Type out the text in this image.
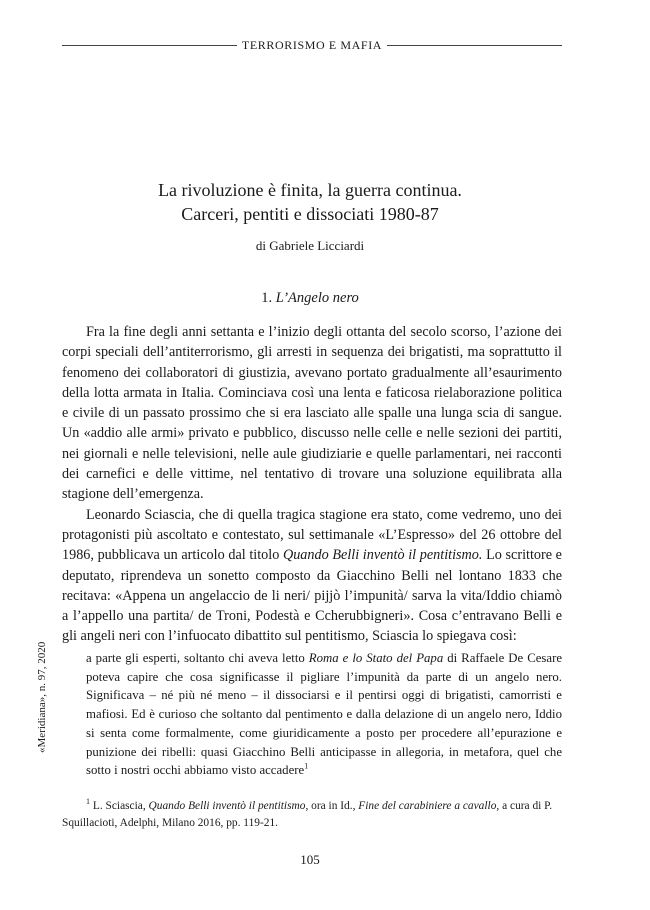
TERRORISMO E MAFIA
La rivoluzione è finita, la guerra continua.
Carceri, pentiti e dissociati 1980-87
di Gabriele Licciardi
1. L’Angelo nero

Fra la fine degli anni settanta e l’inizio degli ottanta del secolo scorso, l’azione dei corpi speciali dell’antiterrorismo, gli arresti in sequenza dei brigatisti, ma soprattutto il fenomeno dei collaboratori di giustizia, avevano portato gradualmente all’esaurimento della lotta armata in Italia. Cominciava così una lenta e faticosa rielaborazione politica e civile di un passato prossimo che si era lasciato alle spalle una lunga scia di sangue. Un «addio alle armi» privato e pubblico, discusso nelle celle e nelle sezioni dei partiti, nei giornali e nelle televisioni, nelle aule giudiziarie e quelle parlamentari, nei racconti dei carnefici e delle vittime, nel tentativo di trovare una soluzione equilibrata alla stagione dell’emergenza.

Leonardo Sciascia, che di quella tragica stagione era stato, come vedremo, uno dei protagonisti più ascoltato e contestato, sul settimanale «L’Espresso» del 26 ottobre del 1986, pubblicava un articolo dal titolo Quando Belli inventò il pentitismo. Lo scrittore e deputato, riprendeva un sonetto composto da Giacchino Belli nel lontano 1833 che recitava: «Appena un angelaccio de li neri/ pijjò l’impunità/ sarva la vita/Iddio chiamò a l’appello una partita/ de Troni, Podestà e Ccherubbigneri». Cosa c’entravano Belli e gli angeli neri con l’infuocato dibattito sul pentitismo, Sciascia lo spiegava così:

a parte gli esperti, soltanto chi aveva letto Roma e lo Stato del Papa di Raffaele De Cesare poteva capire che cosa significasse il pigliare l’impunità da parte di un angelo nero. Significava – né più né meno – il dissociarsi e il pentirsi oggi di brigatisti, camorristi e mafiosi. Ed è curioso che soltanto dal pentimento e dalla delazione di un angelo nero, Iddio si senta come formalmente, come giuridicamente a posto per procedere all’epurazione e punizione dei ribelli: quasi Giacchino Belli anticipasse in allegoria, in metafora, quel che sotto i nostri occhi abbiamo visto accadere$^1$
$^1$ L. Sciascia, Quando Belli inventò il pentitismo, ora in Id., Fine del carabiniere a cavallo, a cura di P. Squillacioti, Adelphi, Milano 2016, pp. 119-21.
105
«Meridiana», n. 97, 2020
